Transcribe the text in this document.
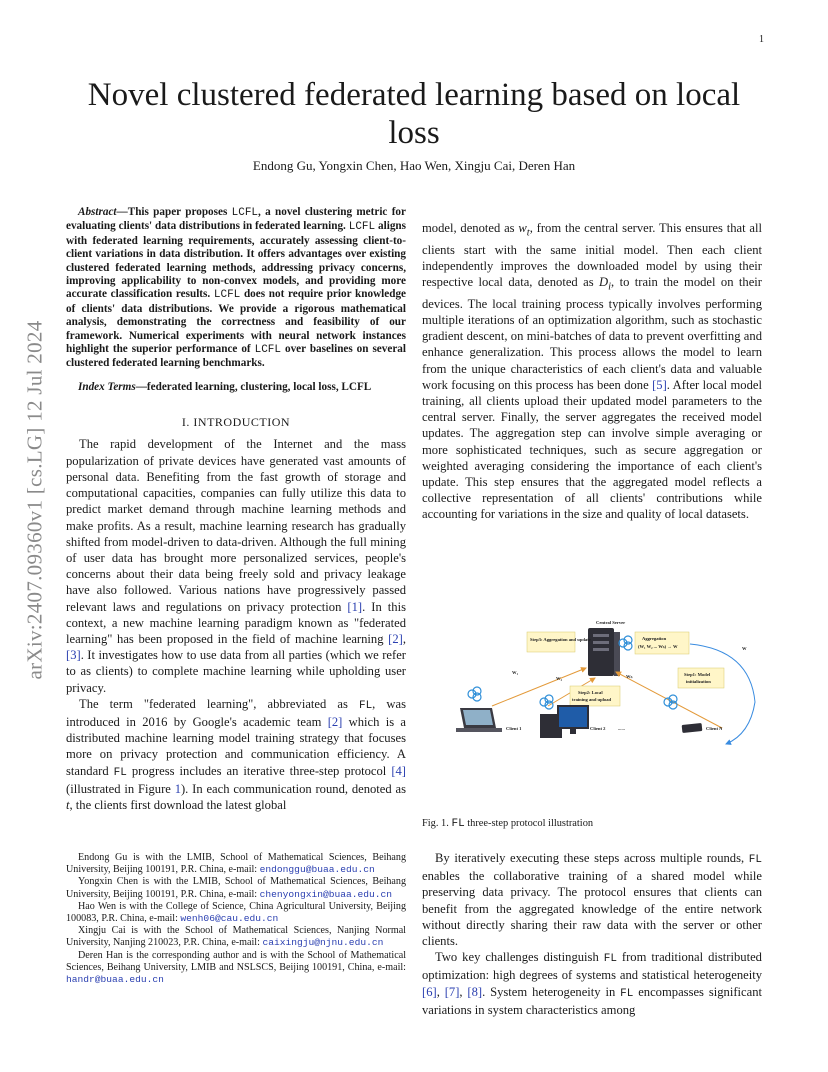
1
arXiv:2407.09360v1 [cs.LG] 12 Jul 2024
Novel clustered federated learning based on local loss
Endong Gu, Yongxin Chen, Hao Wen, Xingju Cai, Deren Han

Abstract—This paper proposes LCFL, a novel clustering metric for evaluating clients' data distributions in federated learning. LCFL aligns with federated learning requirements, accurately assessing client-to-client variations in data distribution. It offers advantages over existing clustered federated learning methods, addressing privacy concerns, improving applicability to non-convex models, and providing more accurate classification results. LCFL does not require prior knowledge of clients' data distributions. We provide a rigorous mathematical analysis, demonstrating the correctness and feasibility of our framework. Numerical experiments with neural network instances highlight the superior performance of LCFL over baselines on several clustered federated learning benchmarks.

Index Terms—federated learning, clustering, local loss, LCFL

I. INTRODUCTION

The rapid development of the Internet and the mass popularization of private devices have generated vast amounts of personal data. Benefiting from the fast growth of storage and computational capacities, companies can fully utilize this data to predict market demand through machine learning methods and make profits. As a result, machine learning research has gradually shifted from model-driven to data-driven. Although the full mining of user data has brought more personalized services, people's concerns about their data being freely sold and privacy leakage have also followed. Various nations have progressively passed relevant laws and regulations on privacy protection [1]. In this context, a new machine learning paradigm known as "federated learning" has been proposed in the field of machine learning [2], [3]. It investigates how to use data from all parties (which we refer to as clients) to complete machine learning while upholding user privacy.

The term "federated learning", abbreviated as FL, was introduced in 2016 by Google's academic team [2] which is a distributed machine learning model training strategy that focuses more on privacy protection and communication efficiency. A standard FL progress includes an iterative three-step protocol [4] (illustrated in Figure 1). In each communication round, denoted as t, the clients first download the latest global

model, denoted as $w_t$, from the central server. This ensures that all clients start with the same initial model. Then each client independently improves the downloaded model by using their respective local data, denoted as $D_i$, to train the model on their devices. The local training process typically involves performing multiple iterations of an optimization algorithm, such as stochastic gradient descent, on mini-batches of data to prevent overfitting and enhance generalization. This process allows the model to learn from the unique characteristics of each client's data and valuable work focusing on this process has been done [5]. After local model training, all clients upload their updated model parameters to the central server. Finally, the server aggregates the received model updates. The aggregation step can involve simple averaging or more sophisticated techniques, such as secure aggregation or weighted averaging considering the importance of each client's update. This step ensures that the aggregated model reflects a collective representation of all clients' contributions while accounting for variations in the size and quality of local datasets.

Central Server
Step3: Aggregation and update	Aggregation
(W₁ W₂ ... Wₙ) → W	W
Step1: Model
initialization
W₁
W₂	Wₙ
Step2: Local
training and upload
Client 1	Client 2	......	Client N
Fig. 1. FL three-step protocol illustration

By iteratively executing these steps across multiple rounds, FL enables the collaborative training of a shared model while preserving data privacy. The protocol ensures that clients can benefit from the aggregated knowledge of the entire network without directly sharing their raw data with the server or other clients.

Two key challenges distinguish FL from traditional distributed optimization: high degrees of systems and statistical heterogeneity [6], [7], [8]. System heterogeneity in FL encompasses significant variations in system characteristics among

Endong Gu is with the LMIB, School of Mathematical Sciences, Beihang University, Beijing 100191, P.R. China, e-mail: endonggu@buaa.edu.cn

Yongxin Chen is with the LMIB, School of Mathematical Sciences, Beihang University, Beijing 100191, P.R. China, e-mail: chenyongxin@buaa.edu.cn

Hao Wen is with the College of Science, China Agricultural University, Beijing 100083, P.R. China, e-mail: wenh06@cau.edu.cn

Xingju Cai is with the School of Mathematical Sciences, Nanjing Normal University, Nanjing 210023, P.R. China, e-mail: caixingju@njnu.edu.cn

Deren Han is the corresponding author and is with the School of Mathematical Sciences, Beihang University, LMIB and NSLSCS, Beijing 100191, China, e-mail: handr@buaa.edu.cn
